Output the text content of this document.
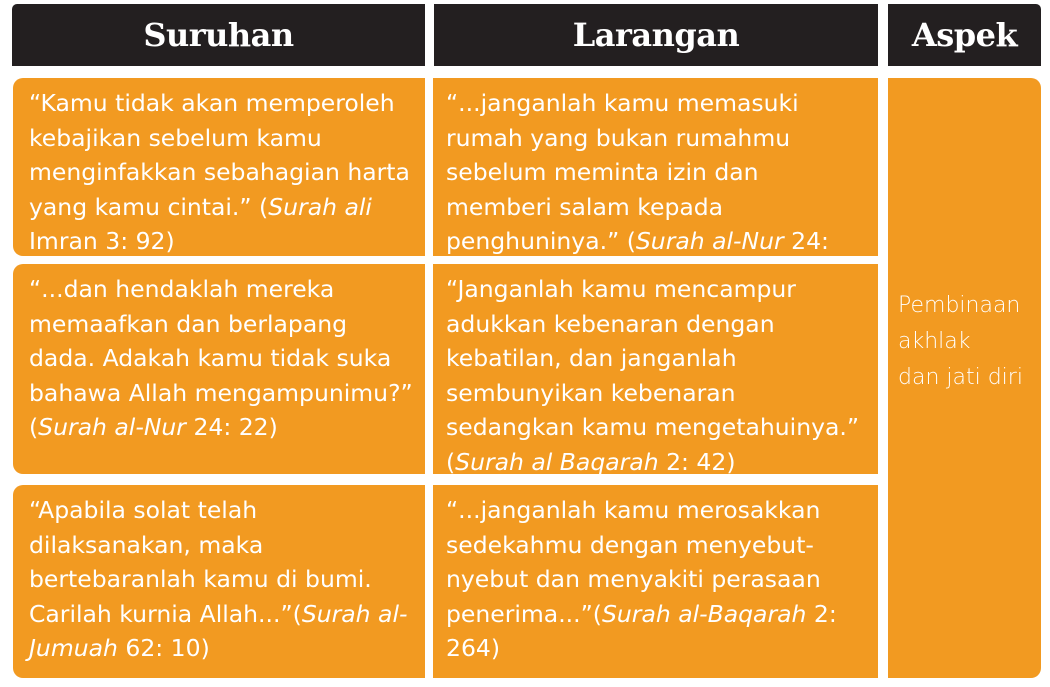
Suruhan	Larangan	Aspek
“Kamu tidak akan memperoleh kebajikan sebelum kamu menginfakkan sebahagian harta yang kamu cintai.” (Surah ali Imran 3: 92)
“...dan hendaklah mereka memaafkan dan berlapang dada. Adakah kamu tidak suka bahawa Allah mengampunimu?” (Surah al-Nur 24: 22)
“Apabila solat telah dilaksanakan, maka bertebaranlah kamu di bumi. Carilah kurnia Allah...”(Surah al-Jumuah 62: 10)
“...janganlah kamu memasuki rumah yang bukan rumahmu sebelum meminta izin dan memberi salam kepada penghuninya.” (Surah al-Nur 24:
“Janganlah kamu mencampur adukkan kebenaran dengan kebatilan, dan janganlah sembunyikan kebenaran sedangkan kamu mengetahuinya.” (Surah al Baqarah 2: 42)
“...janganlah kamu merosakkan sedekahmu dengan menyebut-nyebut dan menyakiti perasaan penerima...”(Surah al-Baqarah 2: 264)
Pembinaan
akhlak
dan jati diri
